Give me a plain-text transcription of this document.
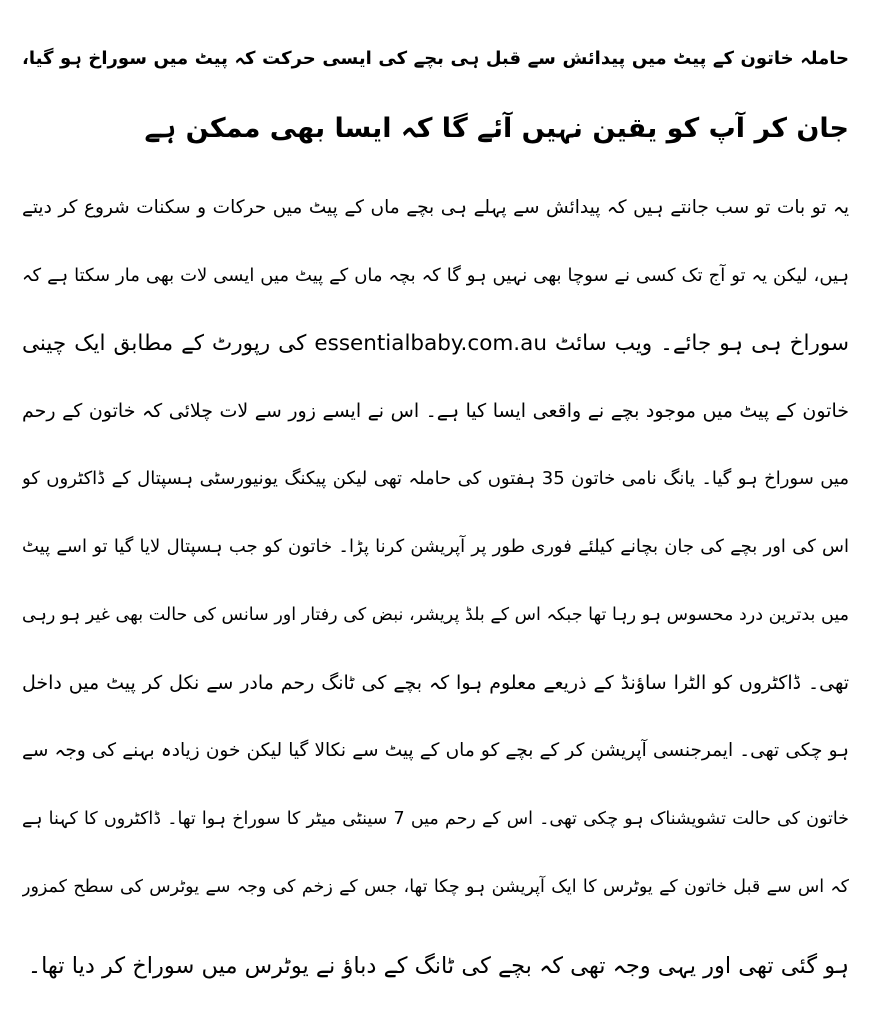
حاملہ خاتون کے پیٹ میں پیدائش سے قبل ہی بچے کی ایسی حرکت کہ پیٹ میں سوراخ ہو گیا،
جان کر آپ کو یقین نہیں آئے گا کہ ایسا بھی ممکن ہے
یہ تو بات تو سب جانتے ہیں کہ پیدائش سے پہلے ہی بچے ماں کے پیٹ میں حرکات و سکنات شروع کر دیتے
ہیں، لیکن یہ تو آج تک کسی نے سوچا بھی نہیں ہو گا کہ بچہ ماں کے پیٹ میں ایسی لات بھی مار سکتا ہے کہ
سوراخ ہی ہو جائے۔ ویب سائٹ essentialbaby.com.au کی رپورٹ کے مطابق ایک چینی
خاتون کے پیٹ میں موجود بچے نے واقعی ایسا کیا ہے۔ اس نے ایسے زور سے لات چلائی کہ خاتون کے رحم
میں سوراخ ہو گیا۔ یانگ نامی خاتون 35 ہفتوں کی حاملہ تھی لیکن پیکنگ یونیورسٹی ہسپتال کے ڈاکٹروں کو
اس کی اور بچے کی جان بچانے کیلئے فوری طور پر آپریشن کرنا پڑا۔ خاتون کو جب ہسپتال لایا گیا تو اسے پیٹ
میں بدترین درد محسوس ہو رہا تھا جبکہ اس کے بلڈ پریشر، نبض کی رفتار اور سانس کی حالت بھی غیر ہو رہی
تھی۔ ڈاکٹروں کو الٹرا ساؤنڈ کے ذریعے معلوم ہوا کہ بچے کی ٹانگ رحم مادر سے نکل کر پیٹ میں داخل
ہو چکی تھی۔ ایمرجنسی آپریشن کر کے بچے کو ماں کے پیٹ سے نکالا گیا لیکن خون زیادہ بہنے کی وجہ سے
خاتون کی حالت تشویشناک ہو چکی تھی۔ اس کے رحم میں 7 سینٹی میٹر کا سوراخ ہوا تھا۔ ڈاکٹروں کا کہنا ہے
کہ اس سے قبل خاتون کے یوٹرس کا ایک آپریشن ہو چکا تھا، جس کے زخم کی وجہ سے یوٹرس کی سطح کمزور
ہو گئی تھی اور یہی وجہ تھی کہ بچے کی ٹانگ کے دباؤ نے یوٹرس میں سوراخ کر دیا تھا۔
